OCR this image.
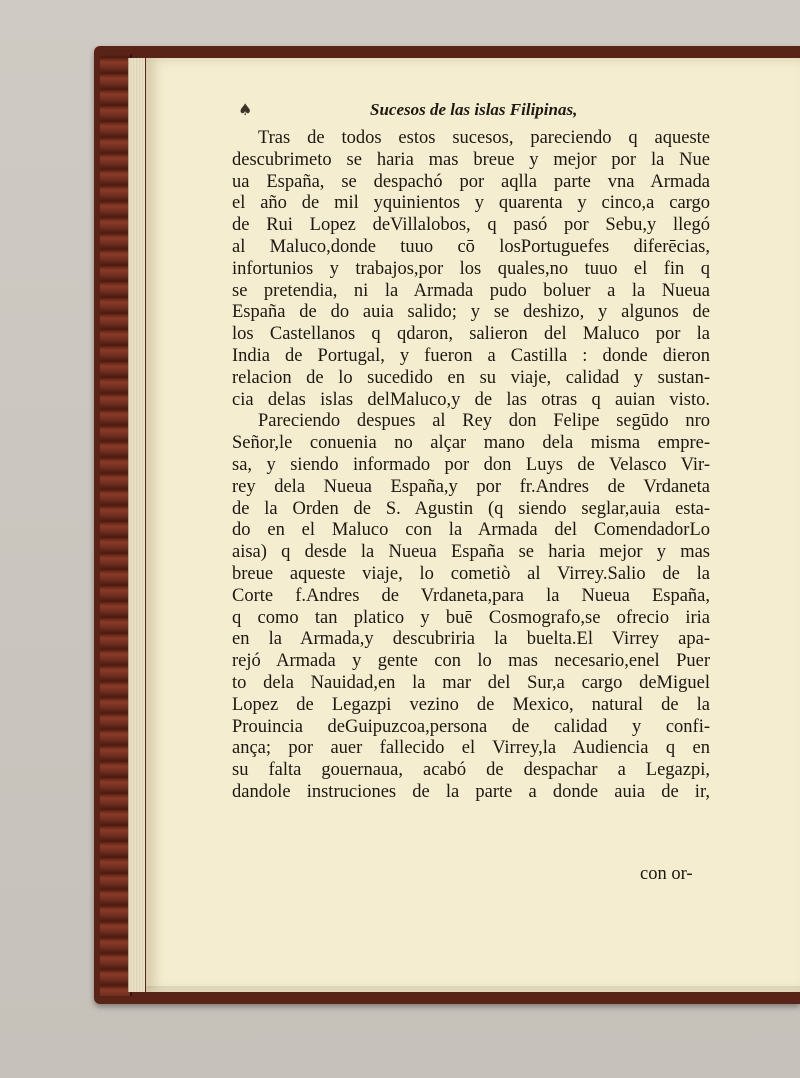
♠	Sucesos de las islas Filipinas,
Tras de todos estos sucesos, pareciendo q aqueste
descubrimeto se haria mas breue y mejor por la Nue
ua España, se despachó por aqlla parte vna Armada
el año de mil yquinientos y quarenta y cinco,a cargo
de Rui Lopez deVillalobos, q pasó por Sebu,y llegó
al Maluco,donde tuuo cō losPortuguefes diferēcias,
infortunios y trabajos,por los quales,no tuuo el fin q
se pretendia, ni la Armada pudo boluer a la Nueua
España de do auia salido; y se deshizo, y algunos de
los Castellanos q qdaron, salieron del Maluco por la
India de Portugal, y fueron a Castilla : donde dieron
relacion de lo sucedido en su viaje, calidad y sustan-
cia delas islas delMaluco,y de las otras q auian visto.
Pareciendo despues al Rey don Felipe segūdo nro
Señor,le conuenia no alçar mano dela misma empre-
sa, y siendo informado por don Luys de Velasco Vir-
rey dela Nueua España,y por fr.Andres de Vrdaneta
de la Orden de S. Agustin (q siendo seglar,auia esta-
do en el Maluco con la Armada del ComendadorLo
aisa) q desde la Nueua España se haria mejor y mas
breue aqueste viaje, lo cometiò al Virrey.Salio de la
Corte f.Andres de Vrdaneta,para la Nueua España,
q como tan platico y buē Cosmografo,se ofrecio iria
en la Armada,y descubriria la buelta.El Virrey apa-
rejó Armada y gente con lo mas necesario,enel Puer
to dela Nauidad,en la mar del Sur,a cargo deMiguel
Lopez de Legazpi vezino de Mexico, natural de la
Prouincia deGuipuzcoa,persona de calidad y confi-
ança; por auer fallecido el Virrey,la Audiencia q en
su falta gouernaua, acabó de despachar a Legazpi,
dandole instruciones de la parte a donde auia de ir,
con or-
